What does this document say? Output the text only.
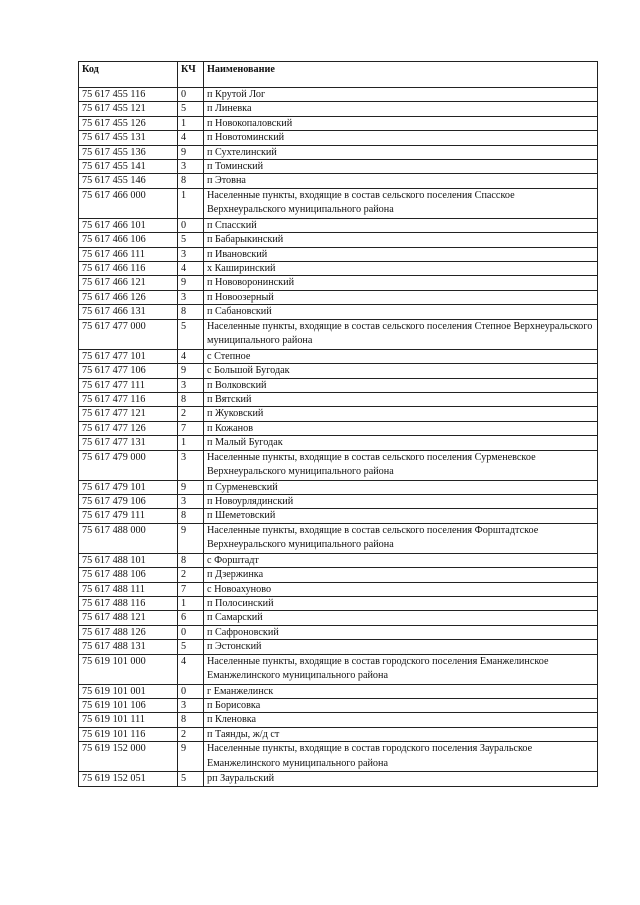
Код	КЧ	Наименование
75 617 455 116	0	п Крутой Лог
75 617 455 121	5	п Линевка
75 617 455 126	1	п Новокопаловский
75 617 455 131	4	п Новотоминский
75 617 455 136	9	п Сухтелинский
75 617 455 141	3	п Томинский
75 617 455 146	8	п Этовна
75 617 466 000	1	Населенные пункты, входящие в состав сельского поселения Спасское Верхнеуральского муниципального района
75 617 466 101	0	п Спасский
75 617 466 106	5	п Бабарыкинский
75 617 466 111	3	п Ивановский
75 617 466 116	4	х Каширинский
75 617 466 121	9	п Нововоронинский
75 617 466 126	3	п Новоозерный
75 617 466 131	8	п Сабановский
75 617 477 000	5	Населенные пункты, входящие в состав сельского поселения Степное Верхнеуральского муниципального района
75 617 477 101	4	с Степное
75 617 477 106	9	с Большой Бугодак
75 617 477 111	3	п Волковский
75 617 477 116	8	п Вятский
75 617 477 121	2	п Жуковский
75 617 477 126	7	п Кожанов
75 617 477 131	1	п Малый Бугодак
75 617 479 000	3	Населенные пункты, входящие в состав сельского поселения Сурменевское Верхнеуральского муниципального района
75 617 479 101	9	п Сурменевский
75 617 479 106	3	п Новоурлядинский
75 617 479 111	8	п Шеметовский
75 617 488 000	9	Населенные пункты, входящие в состав сельского поселения Форштадтское Верхнеуральского муниципального района
75 617 488 101	8	с Форштадт
75 617 488 106	2	п Дзержинка
75 617 488 111	7	с Новоахуново
75 617 488 116	1	п Полосинский
75 617 488 121	6	п Самарский
75 617 488 126	0	п Сафроновский
75 617 488 131	5	п Эстонский
75 619 101 000	4	Населенные пункты, входящие в состав городского поселения Еманжелинское Еманжелинского муниципального района
75 619 101 001	0	г Еманжелинск
75 619 101 106	3	п Борисовка
75 619 101 111	8	п Кленовка
75 619 101 116	2	п Таянды, ж/д ст
75 619 152 000	9	Населенные пункты, входящие в состав городского поселения Зауральское Еманжелинского муниципального района
75 619 152 051	5	рп Зауральский
